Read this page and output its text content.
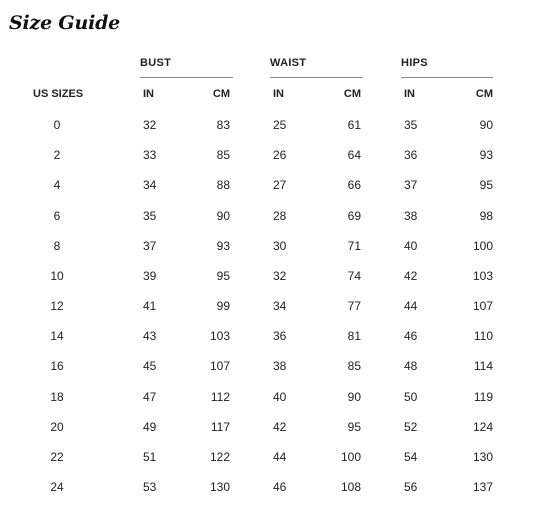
Size Guide
BUST	WAIST	HIPS
US SIZES	IN	CM	IN	CM	IN	CM
0	32	83	25	61	35	90
2	33	85	26	64	36	93
4	34	88	27	66	37	95
6	35	90	28	69	38	98
8	37	93	30	71	40	100
10	39	95	32	74	42	103
12	41	99	34	77	44	107
14	43	103	36	81	46	110
16	45	107	38	85	48	114
18	47	112	40	90	50	119
20	49	117	42	95	52	124
22	51	122	44	100	54	130
24	53	130	46	108	56	137
